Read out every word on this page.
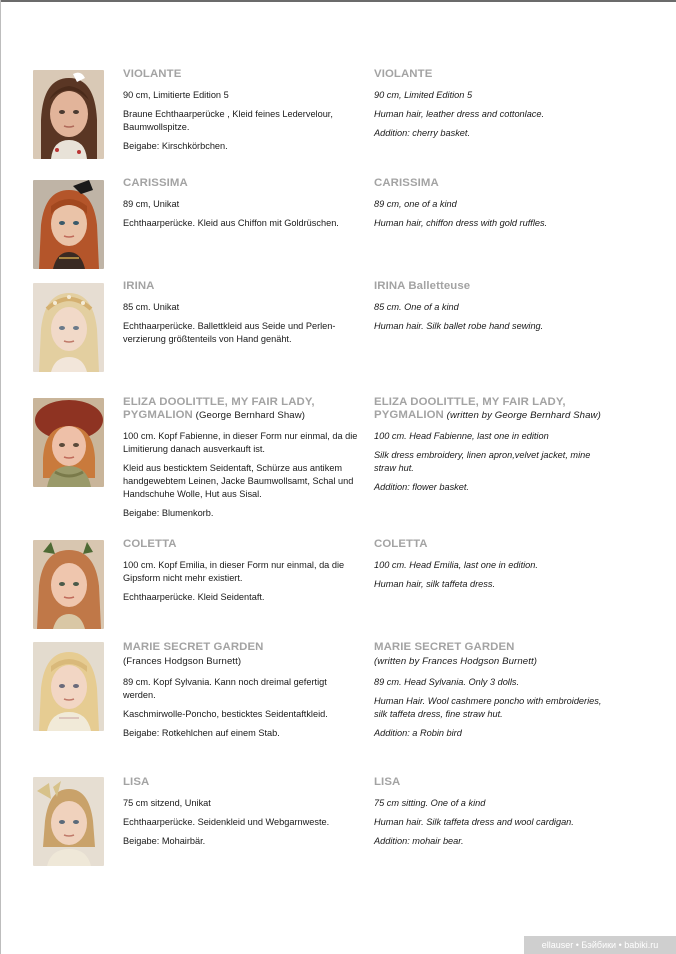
VIOLANTE
90 cm, Limitierte Edition 5
Braune Echthaarperücke , Kleid feines Ledervelour, Baumwollspitze.
Beigabe: Kirschkörbchen.
VIOLANTE
90 cm, Limited Edition 5
Human hair, leather dress and cottonlace.
Addition: cherry basket.
CARISSIMA
89 cm, Unikat
Echthaarperücke. Kleid aus Chiffon mit Goldrüschen.
CARISSIMA
89 cm, one of a kind
Human hair, chiffon dress with gold ruffles.
IRINA
85 cm. Unikat
Echthaarperücke. Ballettkleid aus Seide und Perlen-verzierung größtenteils von Hand genäht.
IRINA Balletteuse
85 cm. One of a kind
Human hair. Silk ballet robe hand sewing.
ELIZA DOOLITTLE, MY FAIR LADY, PYGMALION (George Bernhard Shaw)
100 cm. Kopf Fabienne, in dieser Form nur einmal, da die Limitierung danach ausverkauft ist.
Kleid aus besticktem Seidentaft, Schürze aus antikem handgewebtem Leinen, Jacke Baumwollsamt, Schal und Handschuhe Wolle, Hut aus Sisal.
Beigabe: Blumenkorb.
ELIZA DOOLITTLE, MY FAIR LADY, PYGMALION (written by George Bernhard Shaw)
100 cm. Head Fabienne, last one in edition
Silk dress embroidery, linen apron,velvet jacket, mine straw hut.
Addition: flower basket.
COLETTA
100 cm. Kopf Emilia, in dieser Form nur einmal, da die Gipsform nicht mehr existiert.
Echthaarperücke. Kleid Seidentaft.
COLETTA
100 cm. Head Emilia, last one in edition.
Human hair, silk taffeta dress.
MARIE SECRET GARDEN
(Frances Hodgson Burnett)
89 cm. Kopf Sylvania. Kann noch dreimal gefertigt werden.
Kaschmirwolle-Poncho, besticktes Seidentaftkleid.
Beigabe: Rotkehlchen auf einem Stab.
MARIE SECRET GARDEN
(written by Frances Hodgson Burnett)
89 cm. Head Sylvania. Only 3 dolls.
Human Hair. Wool cashmere poncho with embroideries, silk taffeta dress, fine straw hut.
Addition: a Robin bird
LISA
75 cm sitzend, Unikat
Echthaarperücke. Seidenkleid und Webgarnweste.
Beigabe: Mohairbär.
LISA
75 cm sitting. One of a kind
Human hair. Silk taffeta dress and wool cardigan.
Addition: mohair bear.
ellauser • Бэйбики • babiki.ru
